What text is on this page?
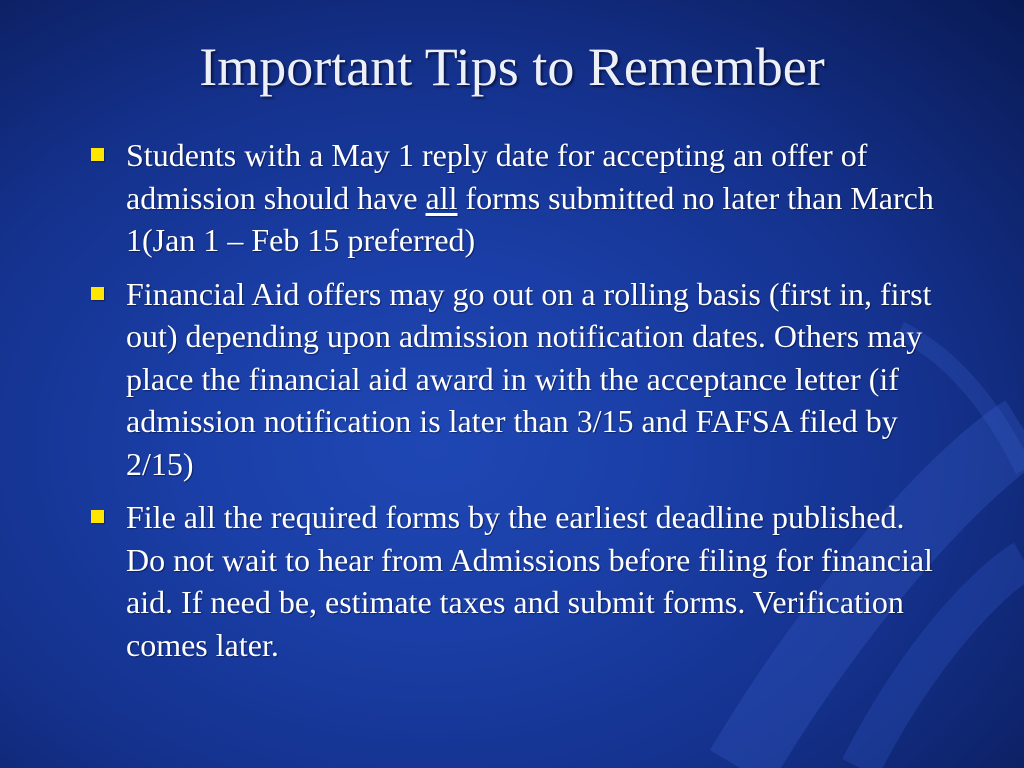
Important Tips to Remember
Students with a May 1 reply date for accepting an offer of admission should have all forms submitted no later than March 1(Jan 1 – Feb 15 preferred)
Financial Aid offers may go out on a rolling basis (first in, first out) depending upon admission notification dates. Others may place the financial aid award in with the acceptance letter (if admission notification is later than 3/15 and FAFSA filed by 2/15)
File all the required forms by the earliest deadline published. Do not wait to hear from Admissions before filing for financial aid. If need be, estimate taxes and submit forms. Verification comes later.
